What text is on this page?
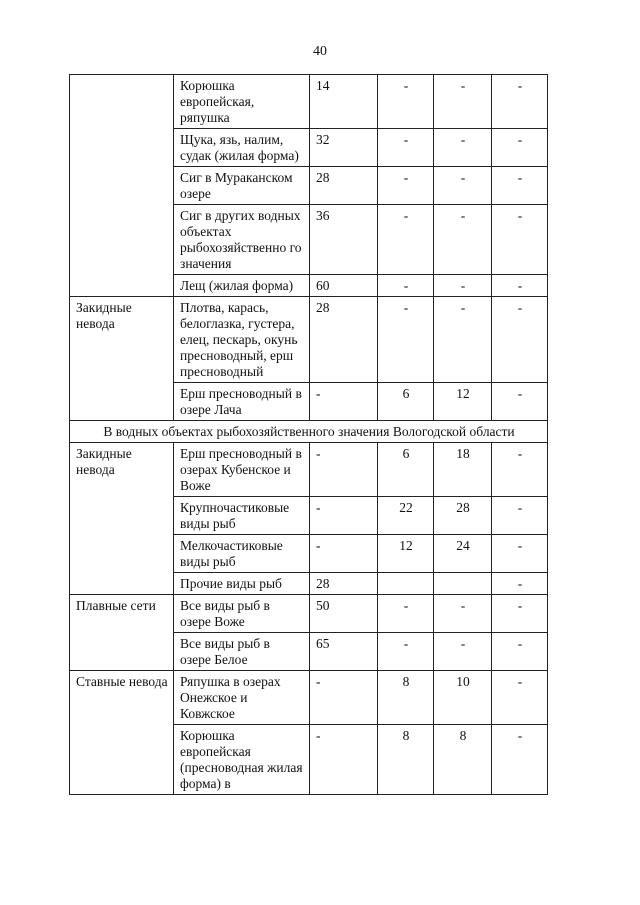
40
	Корюшка европейская, ряпушка	14	-	-	-
	Щука, язь, налим, судак (жилая форма)	32	-	-	-
	Сиг в Мураканском озере	28	-	-	-
	Сиг в других водных объектах рыбохозяйственно го значения	36	-	-	-
	Лещ (жилая форма)	60	-	-	-
Закидные невода	Плотва, карась, белоглазка, густера, елец, пескарь, окунь пресноводный, ерш пресноводный	28	-	-	-
	Ерш пресноводный в озере Лача	-	6	12	-
В водных объектах рыбохозяйственного значения Вологодской области					
Закидные невода	Ерш пресноводный в озерах Кубенское и Воже	-	6	18	-
	Крупночастиковые виды рыб	-	22	28	-
	Мелкочастиковые виды рыб	-	12	24	-
	Прочие виды рыб	28			-
Плавные сети	Все виды рыб в озере Воже	50	-	-	-
	Все виды рыб в озере Белое	65	-	-	-
Ставные невода	Ряпушка в озерах Онежское и Ковжское	-	8	10	-
	Корюшка европейская (пресноводная жилая форма) в	-	8	8	-
